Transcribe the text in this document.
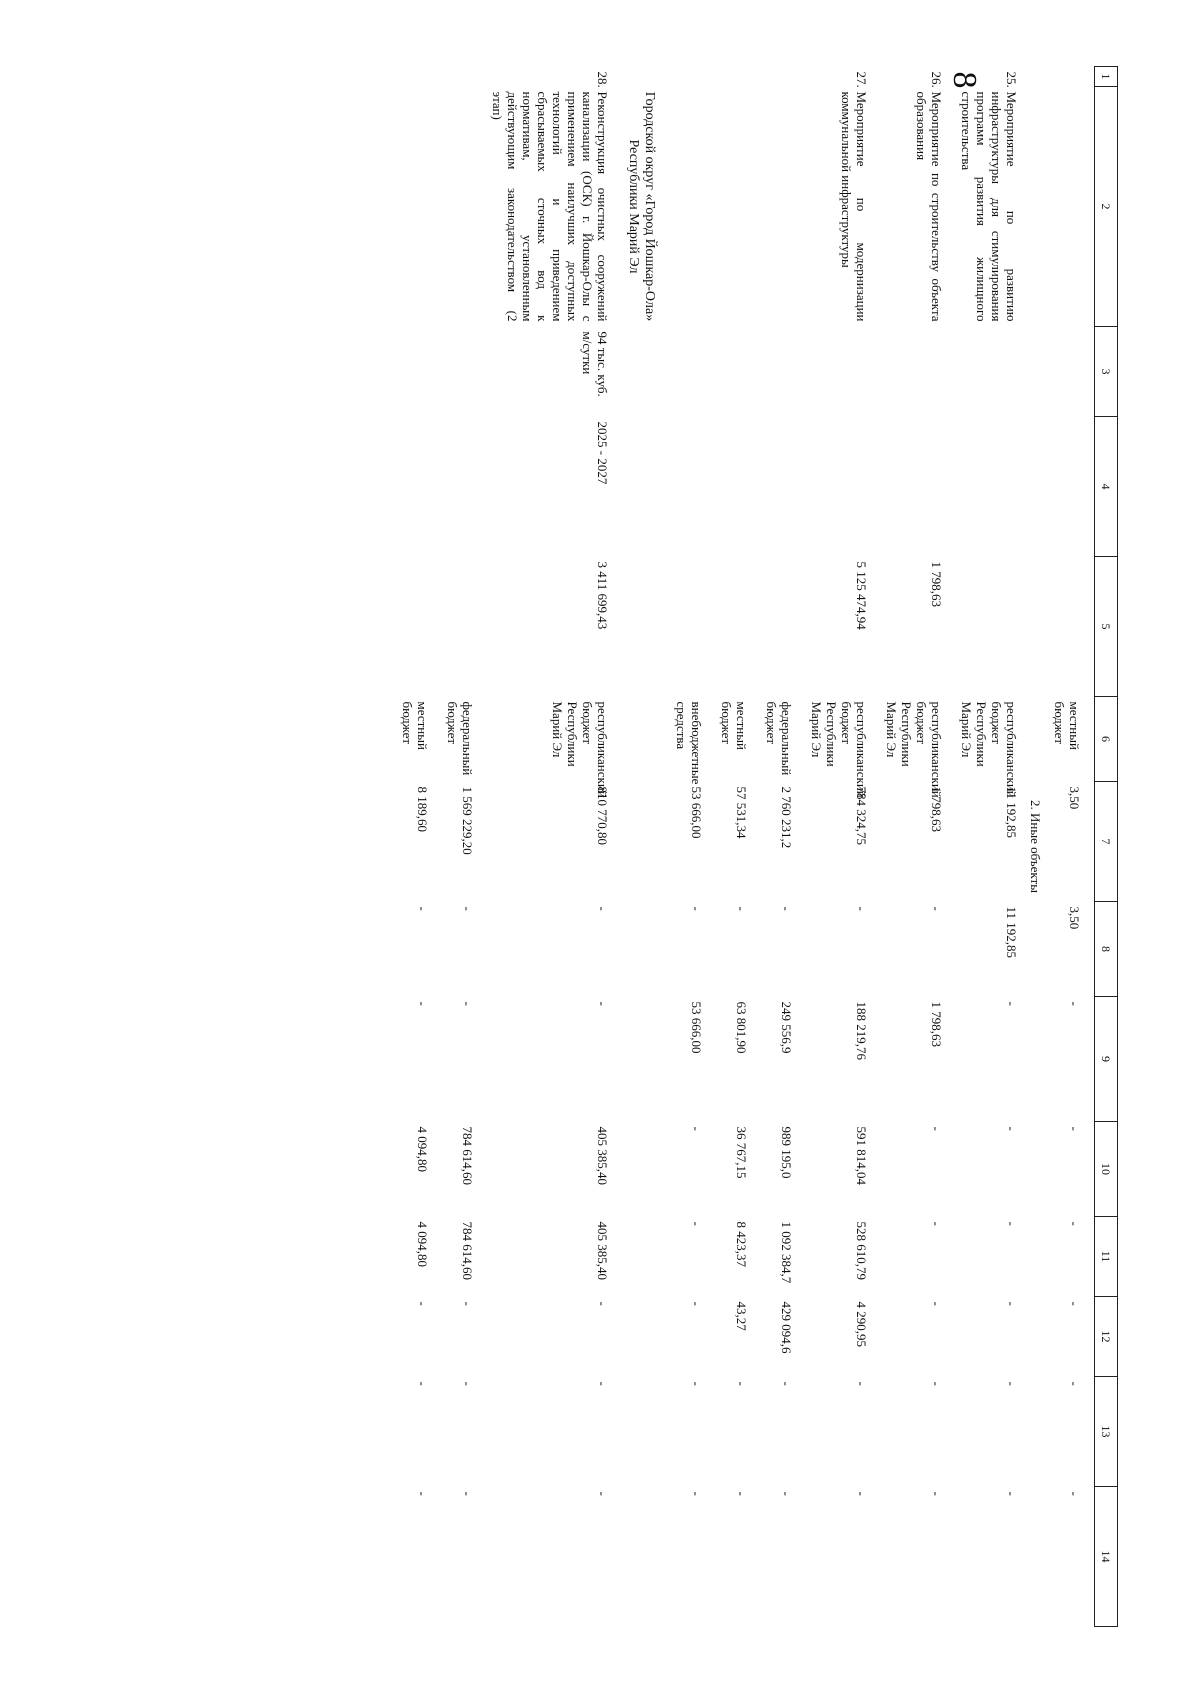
8	1	2	3	4	5	6	7	8	9	10	11	12	13	14
					местный бюджет	3,50	3,50	-	-	-	-	-	-
2. Иные объекты													
25.	Мероприятие по развитию инфраструктуры для стимулирования программ развития жилищного строительства				республиканский бюджет Республики Марий Эл	11 192,85	11 192,85	-	-	-	-	-	-
26.	Мероприятие по строительству объекта образования			1 798,63	республиканский бюджет Республики Марий Эл	1 798,63	-	1 798,63	-	-	-	-	-
27.	Мероприятие по модернизации коммунальной инфраструктуры			5 125 474,94	республиканский бюджет Республики Марий Эл	784 324,75	-	188 219,76	591 814,04	528 610,79	4 290,95	-	-
					федеральный бюджет	2 760 231,2	-	249 556,9	989 195,0	1 092 384,7	429 094,6	-	-
					местный бюджет	57 531,34	-	63 801,90	36 767,15	8 423,37	43,27	-	-
					внебюджетные средства	53 666,00	-	53 666,00	-	-	-	-	-
	Городской округ «Город Йошкар-Ола» Республики Марий Эл												
28.	Реконструкция очистных сооружений канализации (ОСК) г. Йошкар-Олы с применением наилучших доступных технологий и приведением сбрасываемых сточных вод к нормативам, установленным действующим законодательством (2 этап)	94 тыс. куб. м/сутки	2025 - 2027	3 411 699,43	республиканский бюджет Республики Марий Эл	810 770,80	-	-	405 385,40	405 385,40	-	-	-
					федеральный бюджет	1 569 229,20	-	-	784 614,60	784 614,60	-	-	-
					местный бюджет	8 189,60	-	-	4 094,80	4 094,80	-	-	-
